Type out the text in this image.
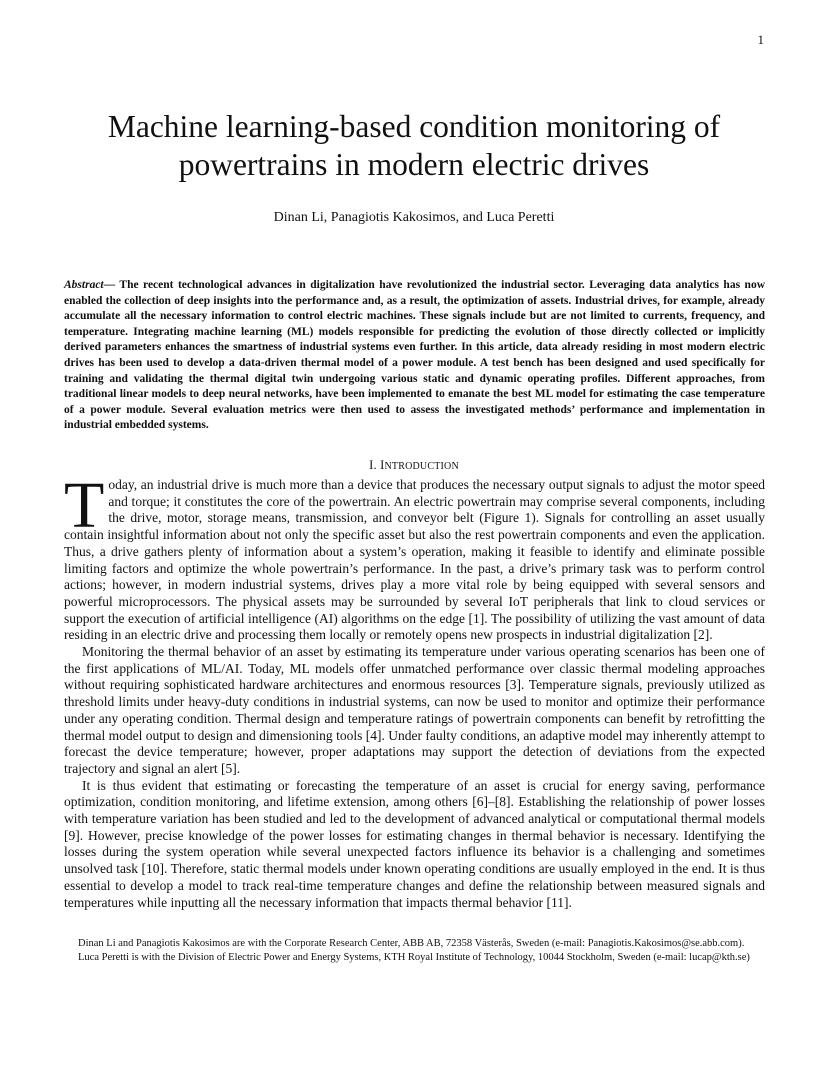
1
Machine learning-based condition monitoring of
powertrains in modern electric drives
Dinan Li, Panagiotis Kakosimos, and Luca Peretti

Abstract— The recent technological advances in digitalization have revolutionized the industrial sector. Leveraging data analytics has now enabled the collection of deep insights into the performance and, as a result, the optimization of assets. Industrial drives, for example, already accumulate all the necessary information to control electric machines. These signals include but are not limited to currents, frequency, and temperature. Integrating machine learning (ML) models responsible for predicting the evolution of those directly collected or implicitly derived parameters enhances the smartness of industrial systems even further. In this article, data already residing in most modern electric drives has been used to develop a data-driven thermal model of a power module. A test bench has been designed and used specifically for training and validating the thermal digital twin undergoing various static and dynamic operating profiles. Different approaches, from traditional linear models to deep neural networks, have been implemented to emanate the best ML model for estimating the case temperature of a power module. Several evaluation metrics were then used to assess the investigated methods’ performance and implementation in industrial embedded systems.

I. INTRODUCTION

Today, an industrial drive is much more than a device that produces the necessary output signals to adjust the motor speed and torque; it constitutes the core of the powertrain. An electric powertrain may comprise several components, including the drive, motor, storage means, transmission, and conveyor belt (Figure 1). Signals for controlling an asset usually contain insightful information about not only the specific asset but also the rest powertrain components and even the application. Thus, a drive gathers plenty of information about a system’s operation, making it feasible to identify and eliminate possible limiting factors and optimize the whole powertrain’s performance. In the past, a drive’s primary task was to perform control actions; however, in modern industrial systems, drives play a more vital role by being equipped with several sensors and powerful microprocessors. The physical assets may be surrounded by several IoT peripherals that link to cloud services or support the execution of artificial intelligence (AI) algorithms on the edge [1]. The possibility of utilizing the vast amount of data residing in an electric drive and processing them locally or remotely opens new prospects in industrial digitalization [2].

Monitoring the thermal behavior of an asset by estimating its temperature under various operating scenarios has been one of the first applications of ML/AI. Today, ML models offer unmatched performance over classic thermal modeling approaches without requiring sophisticated hardware architectures and enormous resources [3]. Temperature signals, previously utilized as threshold limits under heavy-duty conditions in industrial systems, can now be used to monitor and optimize their performance under any operating condition. Thermal design and temperature ratings of powertrain components can benefit by retrofitting the thermal model output to design and dimensioning tools [4]. Under faulty conditions, an adaptive model may inherently attempt to forecast the device temperature; however, proper adaptations may support the detection of deviations from the expected trajectory and signal an alert [5].

It is thus evident that estimating or forecasting the temperature of an asset is crucial for energy saving, performance optimization, condition monitoring, and lifetime extension, among others [6]–[8]. Establishing the relationship of power losses with temperature variation has been studied and led to the development of advanced analytical or computational thermal models [9]. However, precise knowledge of the power losses for estimating changes in thermal behavior is necessary. Identifying the losses during the system operation while several unexpected factors influence its behavior is a challenging and sometimes unsolved task [10]. Therefore, static thermal models under known operating conditions are usually employed in the end. It is thus essential to develop a model to track real-time temperature changes and define the relationship between measured signals and temperatures while inputting all the necessary information that impacts thermal behavior [11].

Dinan Li and Panagiotis Kakosimos are with the Corporate Research Center, ABB AB, 72358 Västerås, Sweden (e-mail: Panagiotis.Kakosimos@se.abb.com).

Luca Peretti is with the Division of Electric Power and Energy Systems, KTH Royal Institute of Technology, 10044 Stockholm, Sweden (e-mail: lucap@kth.se)
